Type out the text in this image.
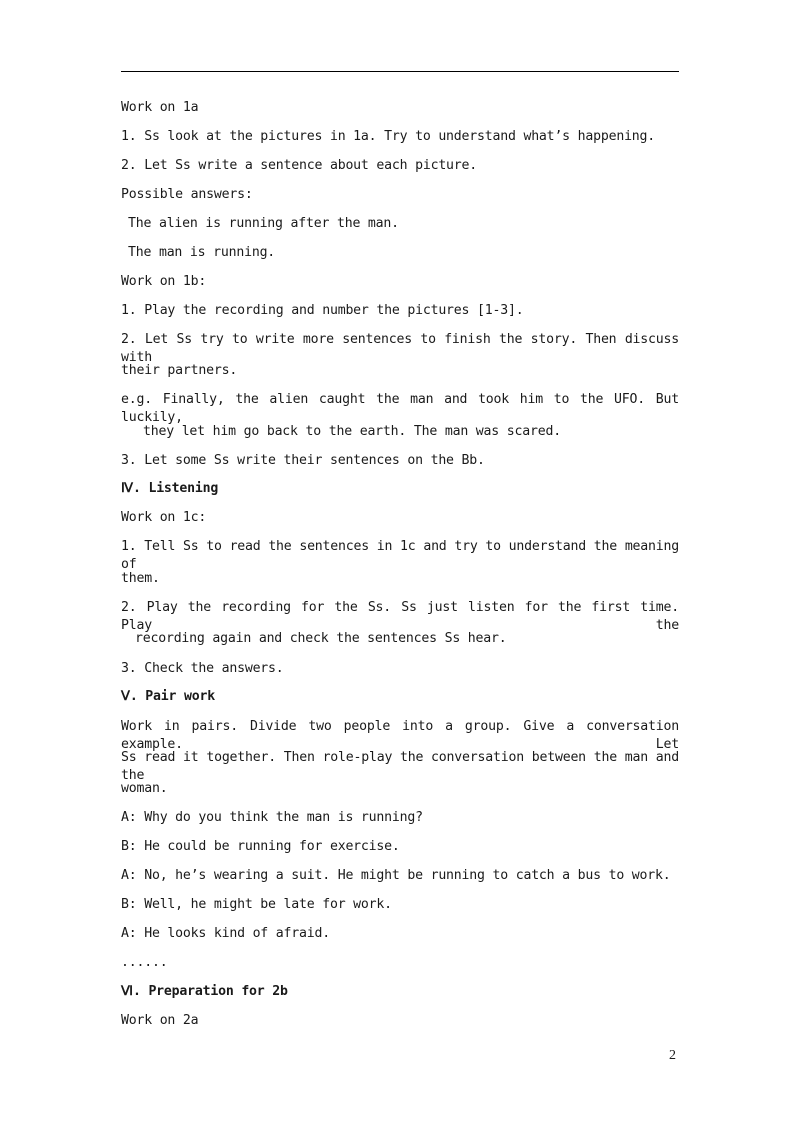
Work on 1a
1. Ss look at the pictures in 1a. Try to understand what’s happening.
2. Let Ss write a sentence about each picture.
Possible answers:
The alien is running after the man.
The man is running.
Work on 1b:
1. Play the recording and number the pictures [1-3].
2. Let Ss try to write more sentences to finish the story. Then discuss with
their partners.
e.g. Finally, the alien caught the man and took him to the UFO. But luckily,
they let him go back to the earth. The man was scared.
3. Let some Ss write their sentences on the Bb.
Ⅳ. Listening
Work on 1c:
1. Tell Ss to read the sentences in 1c and try to understand the meaning of
them.
2. Play the recording for the Ss. Ss just listen for the first time. Play the
recording again and check the sentences Ss hear.
3. Check the answers.
Ⅴ. Pair work
Work in pairs. Divide two people into a group. Give a conversation example. Let
Ss read it together. Then role-play the conversation between the man and the
woman.
A: Why do you think the man is running?
B: He could be running for exercise.
A: No, he’s wearing a suit. He might be running to catch a bus to work.
B: Well, he might be late for work.
A: He looks kind of afraid.
......
Ⅵ. Preparation for 2b
Work on 2a
2
